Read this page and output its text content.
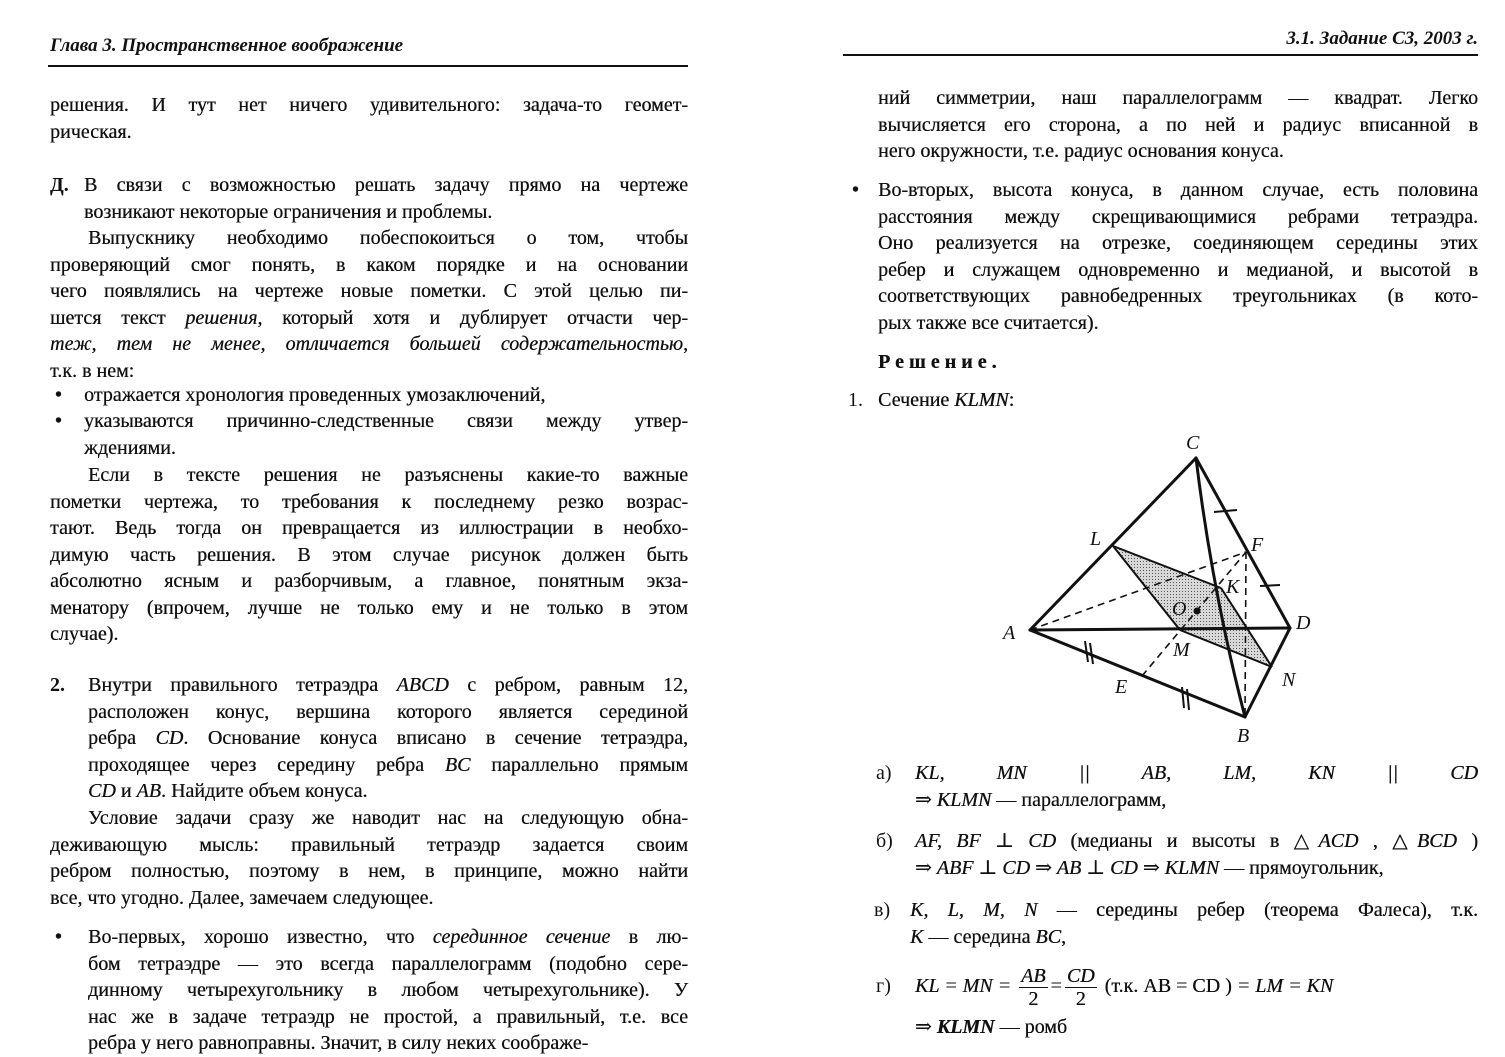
Глава 3. Пространственное воображение	3.1. Задание С3, 2003 г.
Решение.
C
L	F
K
O
A	D
M
N
E
B
г) KL = MN = $\frac{AB}{2} = \frac{CD}{2} (т.к$. AB = CD ) = LM = KN
⇒ KLMN — ромб
решения. И тут нет ничего удивительного: задача-то геомет-
рическая.
Д. В связи с возможностью решать задачу прямо на чертеже
возникают некоторые ограничения и проблемы.
Выпускнику необходимо побеспокоиться о том, чтобы
проверяющий смог понять, в каком порядке и на основании
чего появлялись на чертеже новые пометки. С этой целью пи-
шется текст решения, который хотя и дублирует отчасти чер-
теж, тем не менее, отличается большей содержательностью,
т.к. в нем:
• отражается хронология проведенных умозаключений,
• указываются причинно-следственные связи между утвер-
ждениями.
Если в тексте решения не разъяснены какие-то важные
пометки чертежа, то требования к последнему резко возрас-
тают. Ведь тогда он превращается из иллюстрации в необхо-
димую часть решения. В этом случае рисунок должен быть
абсолютно ясным и разборчивым, а главное, понятным экза-
менатору (впрочем, лучше не только ему и не только в этом
случае).
2. Внутри правильного тетраэдра ABCD с ребром, равным 12,
расположен конус, вершина которого является серединой
ребра CD. Основание конуса вписано в сечение тетраэдра,
проходящее через середину ребра BC параллельно прямым
CD и AB. Найдите объем конуса.
Условие задачи сразу же наводит нас на следующую обна-
деживающую мысль: правильный тетраэдр задается своим
ребром полностью, поэтому в нем, в принципе, можно найти
все, что угодно. Далее, замечаем следующее.
• Во-первых, хорошо известно, что серединное сечение в лю-
бом тетраэдре — это всегда параллелограмм (подобно сере-
динному четырехугольнику в любом четырехугольнике). У
нас же в задаче тетраэдр не простой, а правильный, т.е. все
ребра у него равноправны. Значит, в силу неких соображе-
ний симметрии, наш параллелограмм — квадрат. Легко
вычисляется его сторона, а по ней и радиус вписанной в
него окружности, т.е. радиус основания конуса.
• Во-вторых, высота конуса, в данном случае, есть половина
расстояния между скрещивающимися ребрами тетраэдра.
Оно реализуется на отрезке, соединяющем середины этих
ребер и служащем одновременно и медианой, и высотой в
соответствующих равнобедренных треугольниках (в кото-
рых также все считается).
1. Сечение KLMN:
а) KL, MN || AB, LM, KN || CD
⇒ KLMN — параллелограмм,
б) AF, BF ⊥ CD (медианы и высоты в △ACD , △BCD )
⇒ ABF ⊥ CD ⇒ AB ⊥ CD ⇒ KLMN — прямоугольник,
в) K, L, M, N — середины ребер (теорема Фалеса), т.к.
K — середина BC,
